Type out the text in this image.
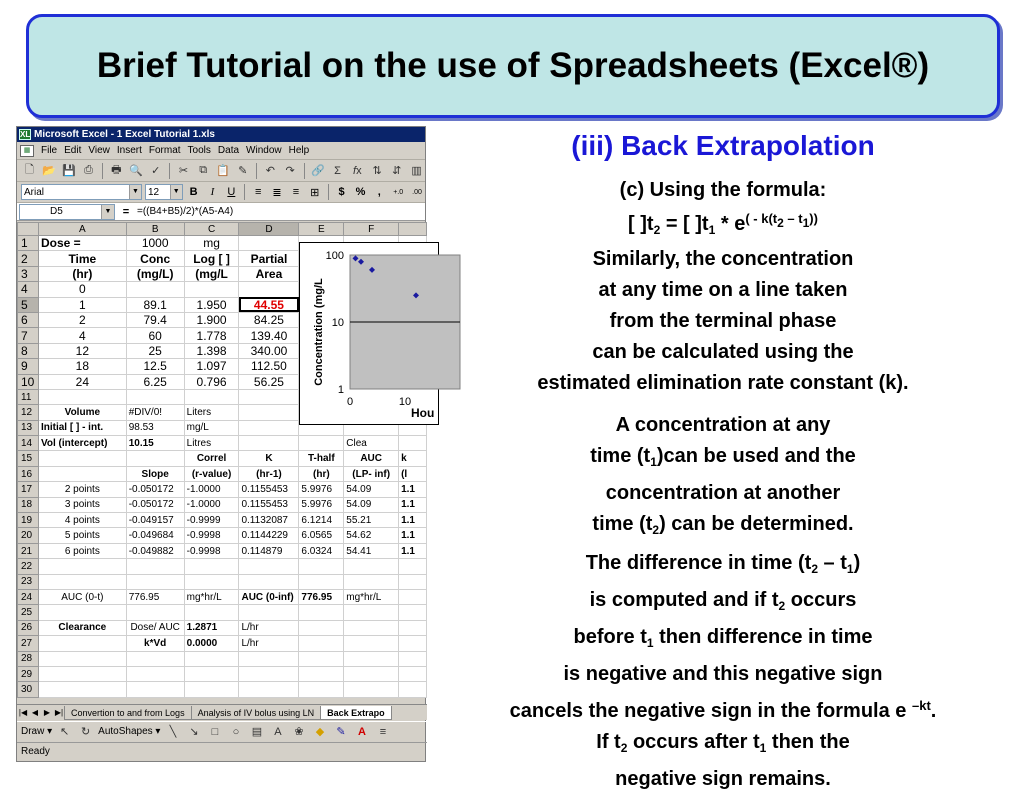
Brief Tutorial on the use of Spreadsheets (Excel®)
XL Microsoft Excel - 1 Excel Tutorial 1.xls
▦	File Edit View Insert Format Tools Data Window Help
🗋 📂 💾 ⎙	🖶 🔍 ✓	✂	⧉ 📋 ✎	↶ ↷	🔗 Σ	f x ⇅ ⇵ ▥
Arial	▼ 12	▼ B	I	U	≡	≣	≡	⊞	$ %	,	+.0	.00
D5	▼	= =((B4+B5)/2)*(A5-A4)
	A	B	C	D	E	F	
1	Dose =	1000	mg				
2	Time	Conc	Log [ ]	Partial			
3	(hr)	(mg/L)	(mg/L	Area			
4	0						
5	1	89.1	1.950	44.55			
6	2	79.4	1.900	84.25			
7	4	60	1.778	139.40			
8	12	25	1.398	340.00			
9	18	12.5	1.097	112.50			
10	24	6.25	0.796	56.25			
11							
12	Volume	#DIV/0!	Liters				
13	Initial [ ] - int.	98.53	mg/L				
14	Vol (intercept)	10.15	Litres			Clea	
15			Correl	K	T-half	AUC	k
16		Slope	(r-value)	(hr-1)	(hr)	(LP- inf)	(l
17	2 points	-0.050172	-1.0000	0.1155453	5.9976	54.09	1.1
18	3 points	-0.050172	-1.0000	0.1155453	5.9976	54.09	1.1
19	4 points	-0.049157	-0.9999	0.1132087	6.1214	55.21	1.1
20	5 points	-0.049684	-0.9998	0.1144229	6.0565	54.62	1.1
21	6 points	-0.049882	-0.9998	0.114879	6.0324	54.41	1.1
22							
23							
24	AUC (0-t)	776.95	mg*hr/L	AUC (0-inf)	776.95	mg*hr/L	
25							
26	Clearance	Dose/ AUC	1.2871	L/hr			
27		k*Vd	0.0000	L/hr			
28							
29							
30							
100
10
1
0	10
Hou
Concentration (mg/L
|◀ ◀ ▶ ▶| Convertion to and from Logs	Analysis of IV bolus using LN	Back Extrapo
Draw ▾ ↖	↻ AutoShapes ▾ ╲	↘	□	○	▤	A	❀	◆	✎	A	≡
Ready
(iii) Back Extrapolation
(c) Using the formula:
[ ]$t_2$ = [ ]$t_1 * e^{( - k(t_2 - t_1))}$
Similarly, the concentration
at any time on a line taken
from the terminal phase
can be calculated using the
estimated elimination rate constant (k).
A concentration at any
time $(t_1)can$ be used and the
concentration at another
time $(t_2)$ can be determined.
The difference in time $(t_2 - t_1)$
is computed and if $t_2$ occurs
before $t_1$ then difference in time
is negative and this negative sign
cancels the negative sign in the formula e $^{-kt}$.
If $t_2$ occurs after $t_1$ then the
negative sign remains.
